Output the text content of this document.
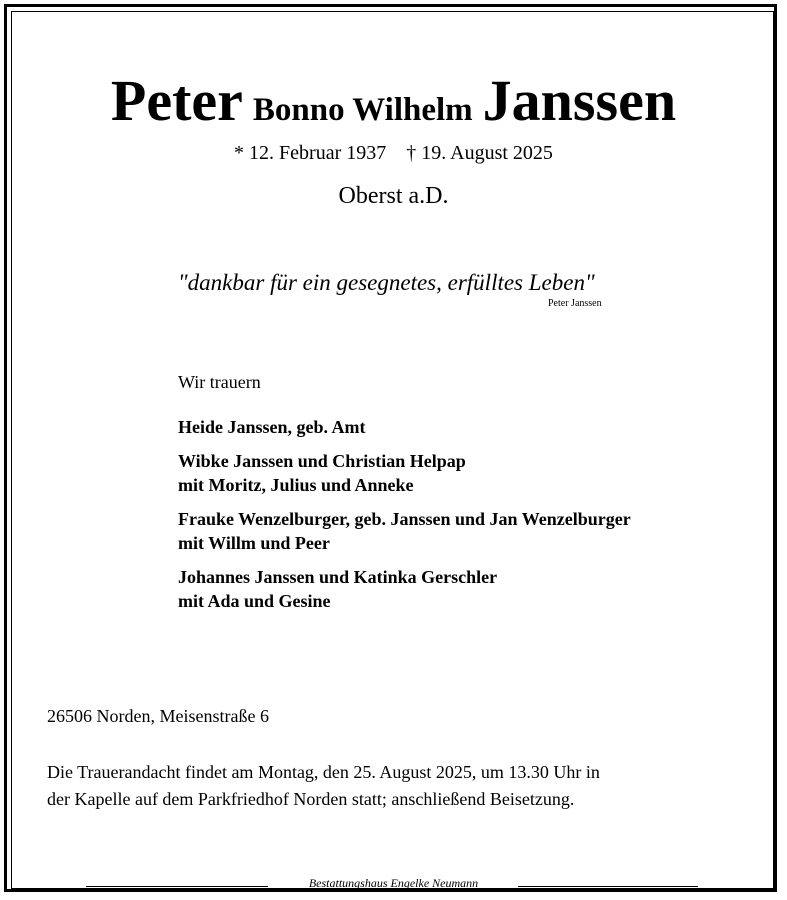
Peter Bonno Wilhelm Janssen
* 12. Februar 1937 † 19. August 2025
Oberst a.D.
"dankbar für ein gesegnetes, erfülltes Leben"
Peter Janssen
Wir trauern
Heide Janssen, geb. Amt
Wibke Janssen und Christian Helpap
mit Moritz, Julius und Anneke
Frauke Wenzelburger, geb. Janssen und Jan Wenzelburger
mit Willm und Peer
Johannes Janssen und Katinka Gerschler
mit Ada und Gesine
26506 Norden, Meisenstraße 6
Die Trauerandacht findet am Montag, den 25. August 2025, um 13.30 Uhr in
der Kapelle auf dem Parkfriedhof Norden statt; anschließend Beisetzung.
Bestattungshaus Engelke Neumann
